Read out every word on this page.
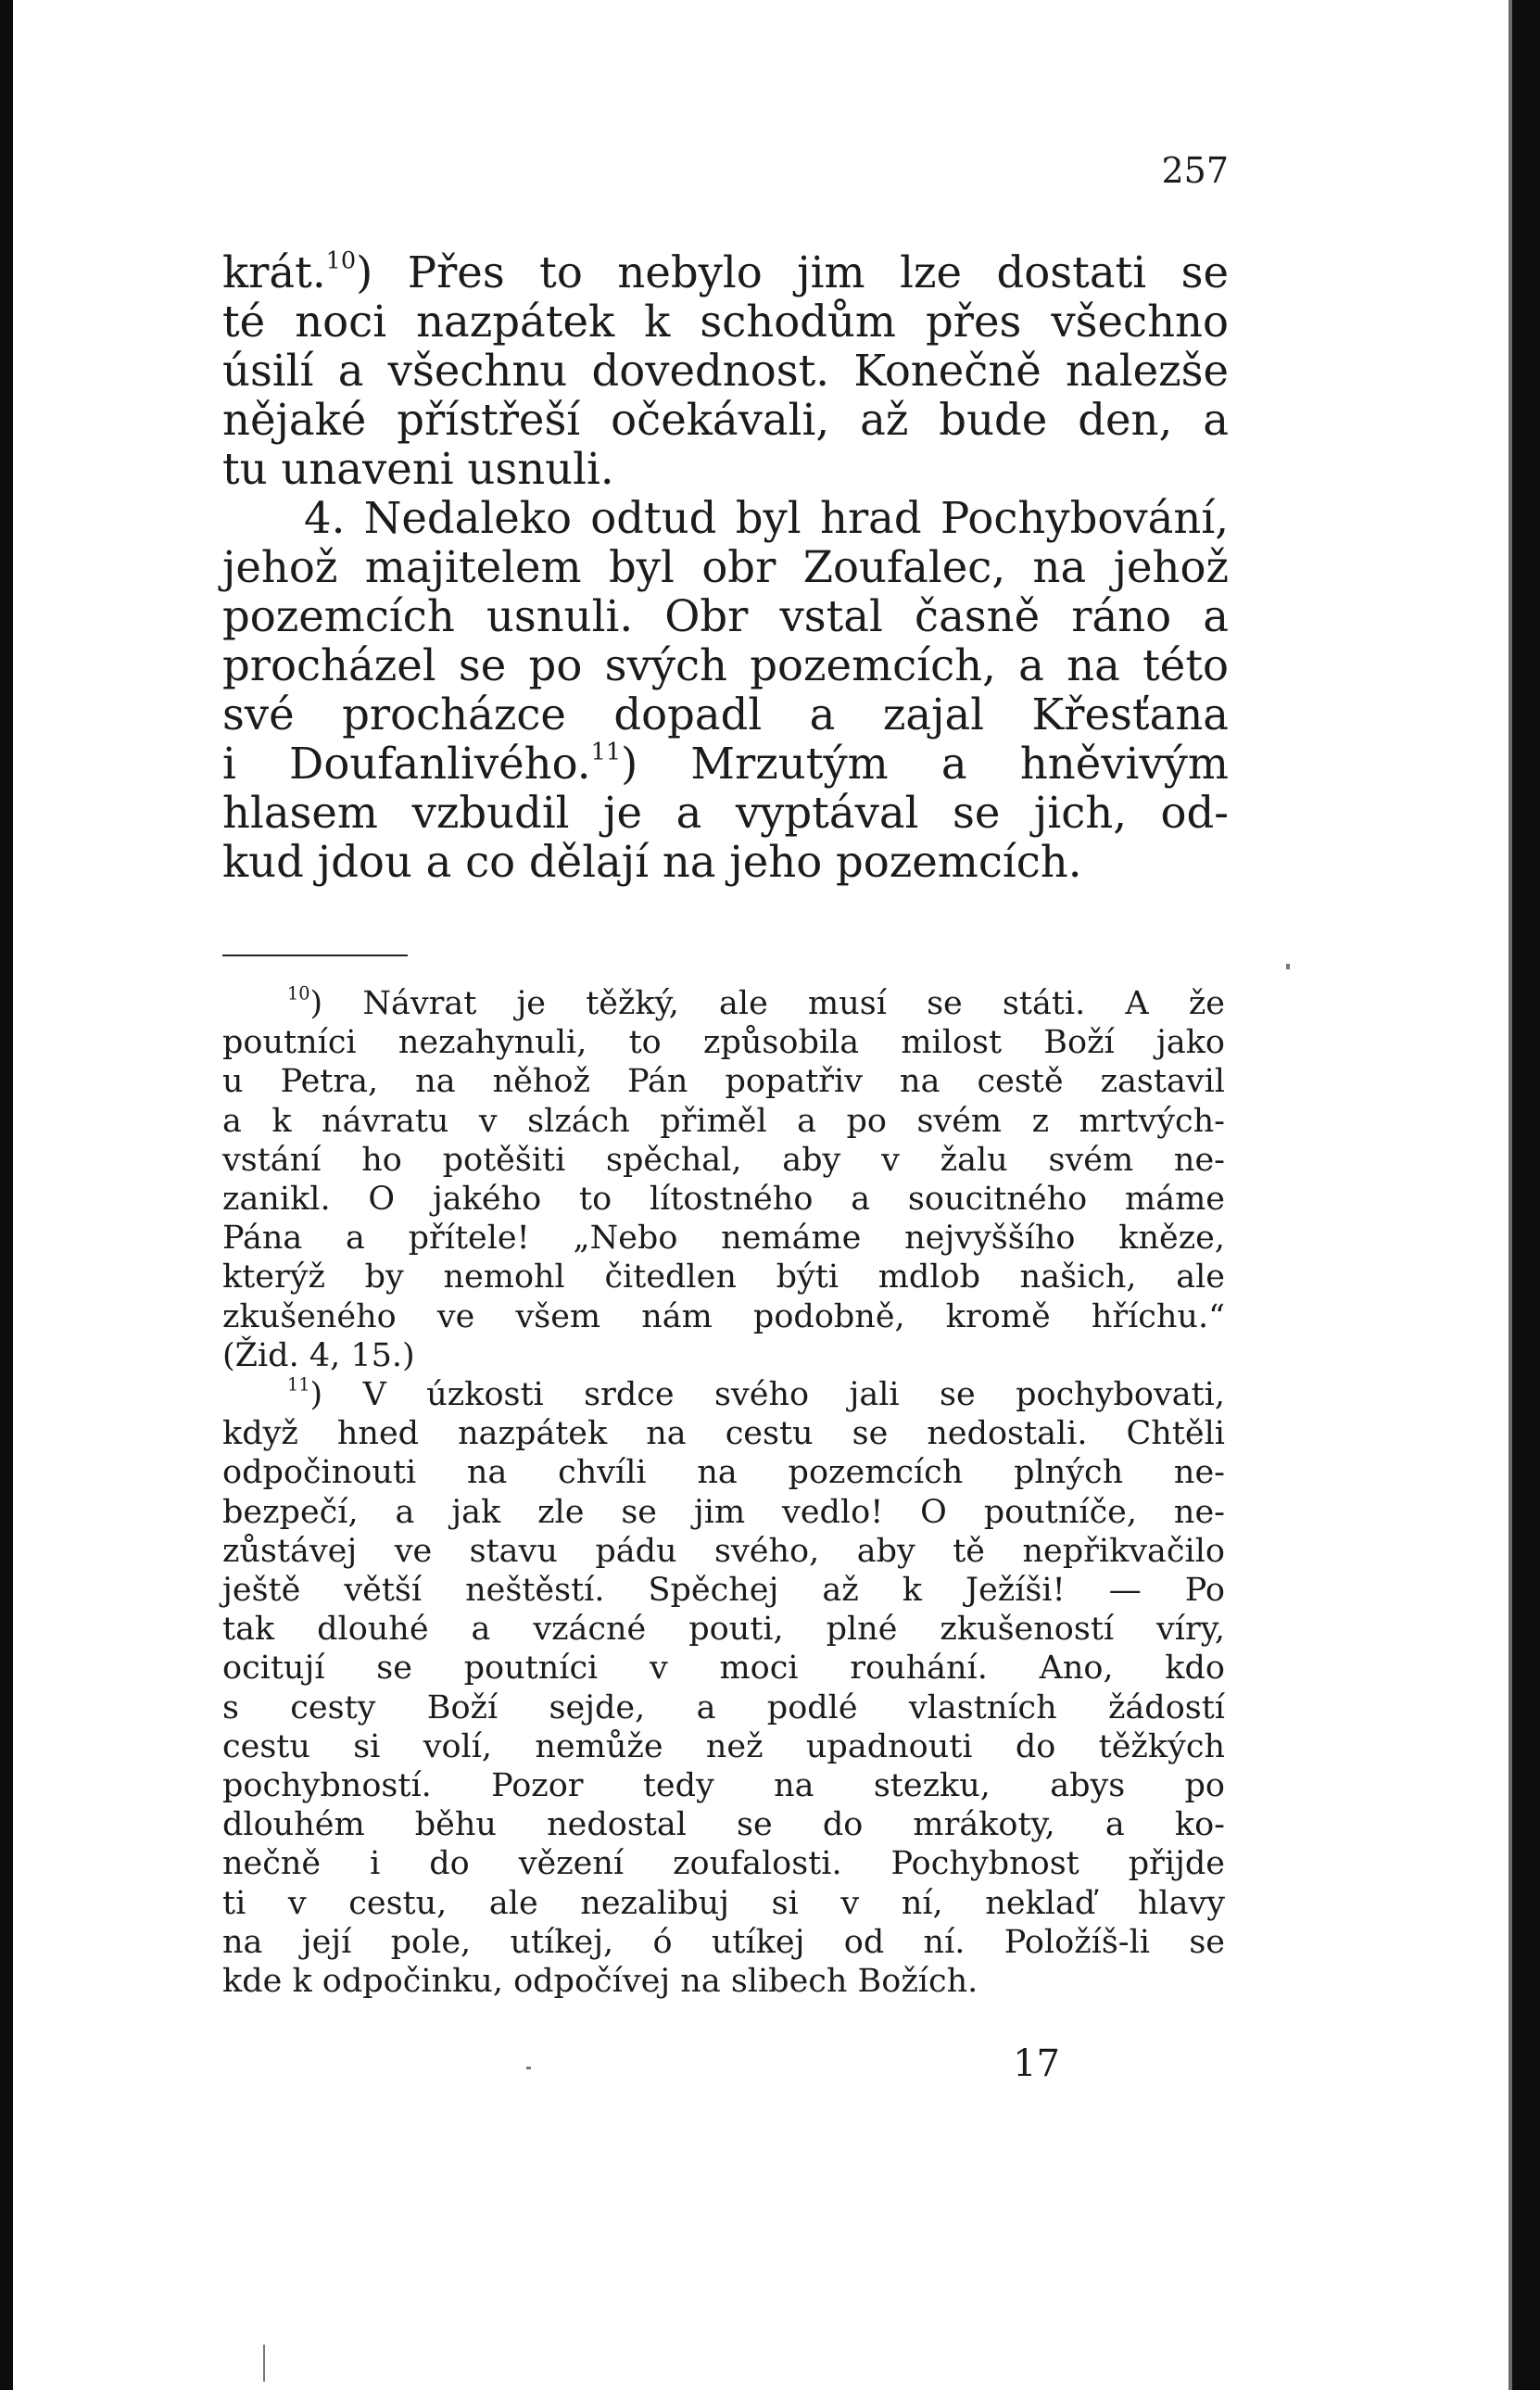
257
krát.$^{10}$) Přes to nebylo jim lze dostati se
té noci nazpátek k schodům přes všechno
úsilí a všechnu dovednost. Konečně nalezše
nějaké přístřeší očekávali, až bude den, a
tu unaveni usnuli.
4. Nedaleko odtud byl hrad Pochybování,
jehož majitelem byl obr Zoufalec, na jehož
pozemcích usnuli. Obr vstal časně ráno a
procházel se po svých pozemcích, a na této
své procházce dopadl a zajal Křesťana
i Doufanlivého.$^{11}$) Mrzutým a hněvivým
hlasem vzbudil je a vyptával se jich, od-
kud jdou a co dělají na jeho pozemcích.
$^{10}$) Návrat je těžký, ale musí se státi. A že
poutníci nezahynuli, to způsobila milost Boží jako
u Petra, na něhož Pán popatřiv na cestě zastavil
a k návratu v slzách přiměl a po svém z mrtvých-
vstání ho potěšiti spěchal, aby v žalu svém ne-
zanikl. O jakého to lítostného a soucitného máme
Pána a přítele! „Nebo nemáme nejvyššího kněze,
kterýž by nemohl čitedlen býti mdlob našich, ale
zkušeného ve všem nám podobně, kromě hříchu.“
(Žid. 4, 15.)
$^{11}$) V úzkosti srdce svého jali se pochybovati,
když hned nazpátek na cestu se nedostali. Chtěli
odpočinouti na chvíli na pozemcích plných ne-
bezpečí, a jak zle se jim vedlo! O poutníče, ne-
zůstávej ve stavu pádu svého, aby tě nepřikvačilo
ještě větší neštěstí. Spěchej až k Ježíši! — Po
tak dlouhé a vzácné pouti, plné zkušeností víry,
ocitují se poutníci v moci rouhání. Ano, kdo
s cesty Boží sejde, a podlé vlastních žádostí
cestu si volí, nemůže než upadnouti do těžkých
pochybností. Pozor tedy na stezku, abys po
dlouhém běhu nedostal se do mrákoty, a ko-
nečně i do vězení zoufalosti. Pochybnost přijde
ti v cestu, ale nezalibuj si v ní, neklaď hlavy
na její pole, utíkej, ó utíkej od ní. Položíš-li se
kde k odpočinku, odpočívej na slibech Božích.
17
